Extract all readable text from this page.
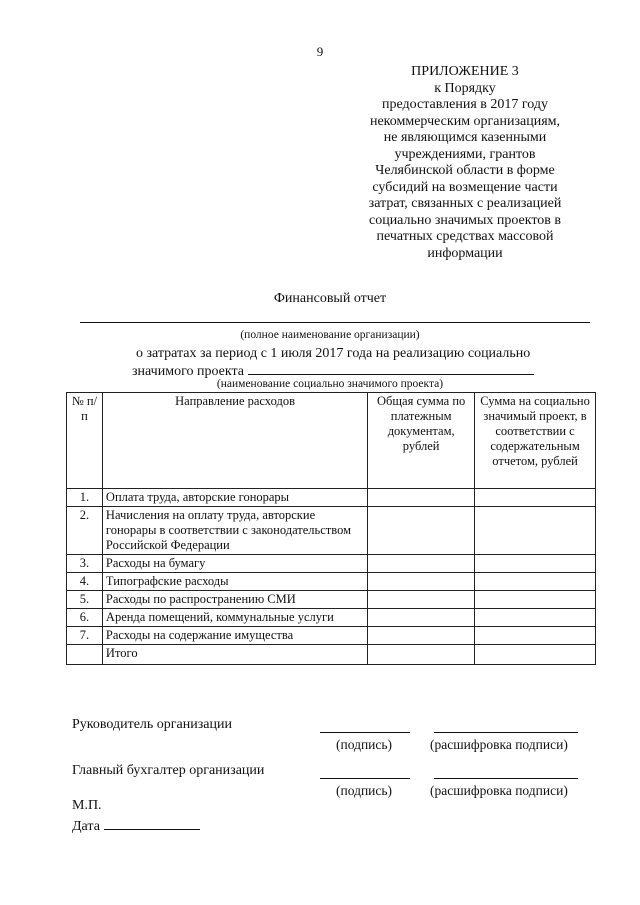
9
ПРИЛОЖЕНИЕ 3
к Порядку
предоставления в 2017 году
некоммерческим организациям,
не являющимся казенными
учреждениями, грантов
Челябинской области в форме
субсидий на возмещение части
затрат, связанных с реализацией
социально значимых проектов в
печатных средствах массовой
информации
Финансовый отчет
(полное наименование организации)
о затратах за период с 1 июля 2017 года на реализацию социально
значимого проекта
(наименование социально значимого проекта)
№ п/п	Направление расходов	Общая сумма по платежным документам, рублей	Сумма на социально значимый проект, в соответствии с содержательным отчетом, рублей
1.	Оплата труда, авторские гонорары		
2.	Начисления на оплату труда, авторские гонорары в соответствии с законодательством Российской Федерации		
3.	Расходы на бумагу		
4.	Типографские расходы		
5.	Расходы по распространению СМИ		
6.	Аренда помещений, коммунальные услуги		
7.	Расходы на содержание имущества		
	Итого		
Руководитель организации
(подпись)	(расшифровка подписи)
Главный бухгалтер организации
(подпись)	(расшифровка подписи)
М.П.
Дата
